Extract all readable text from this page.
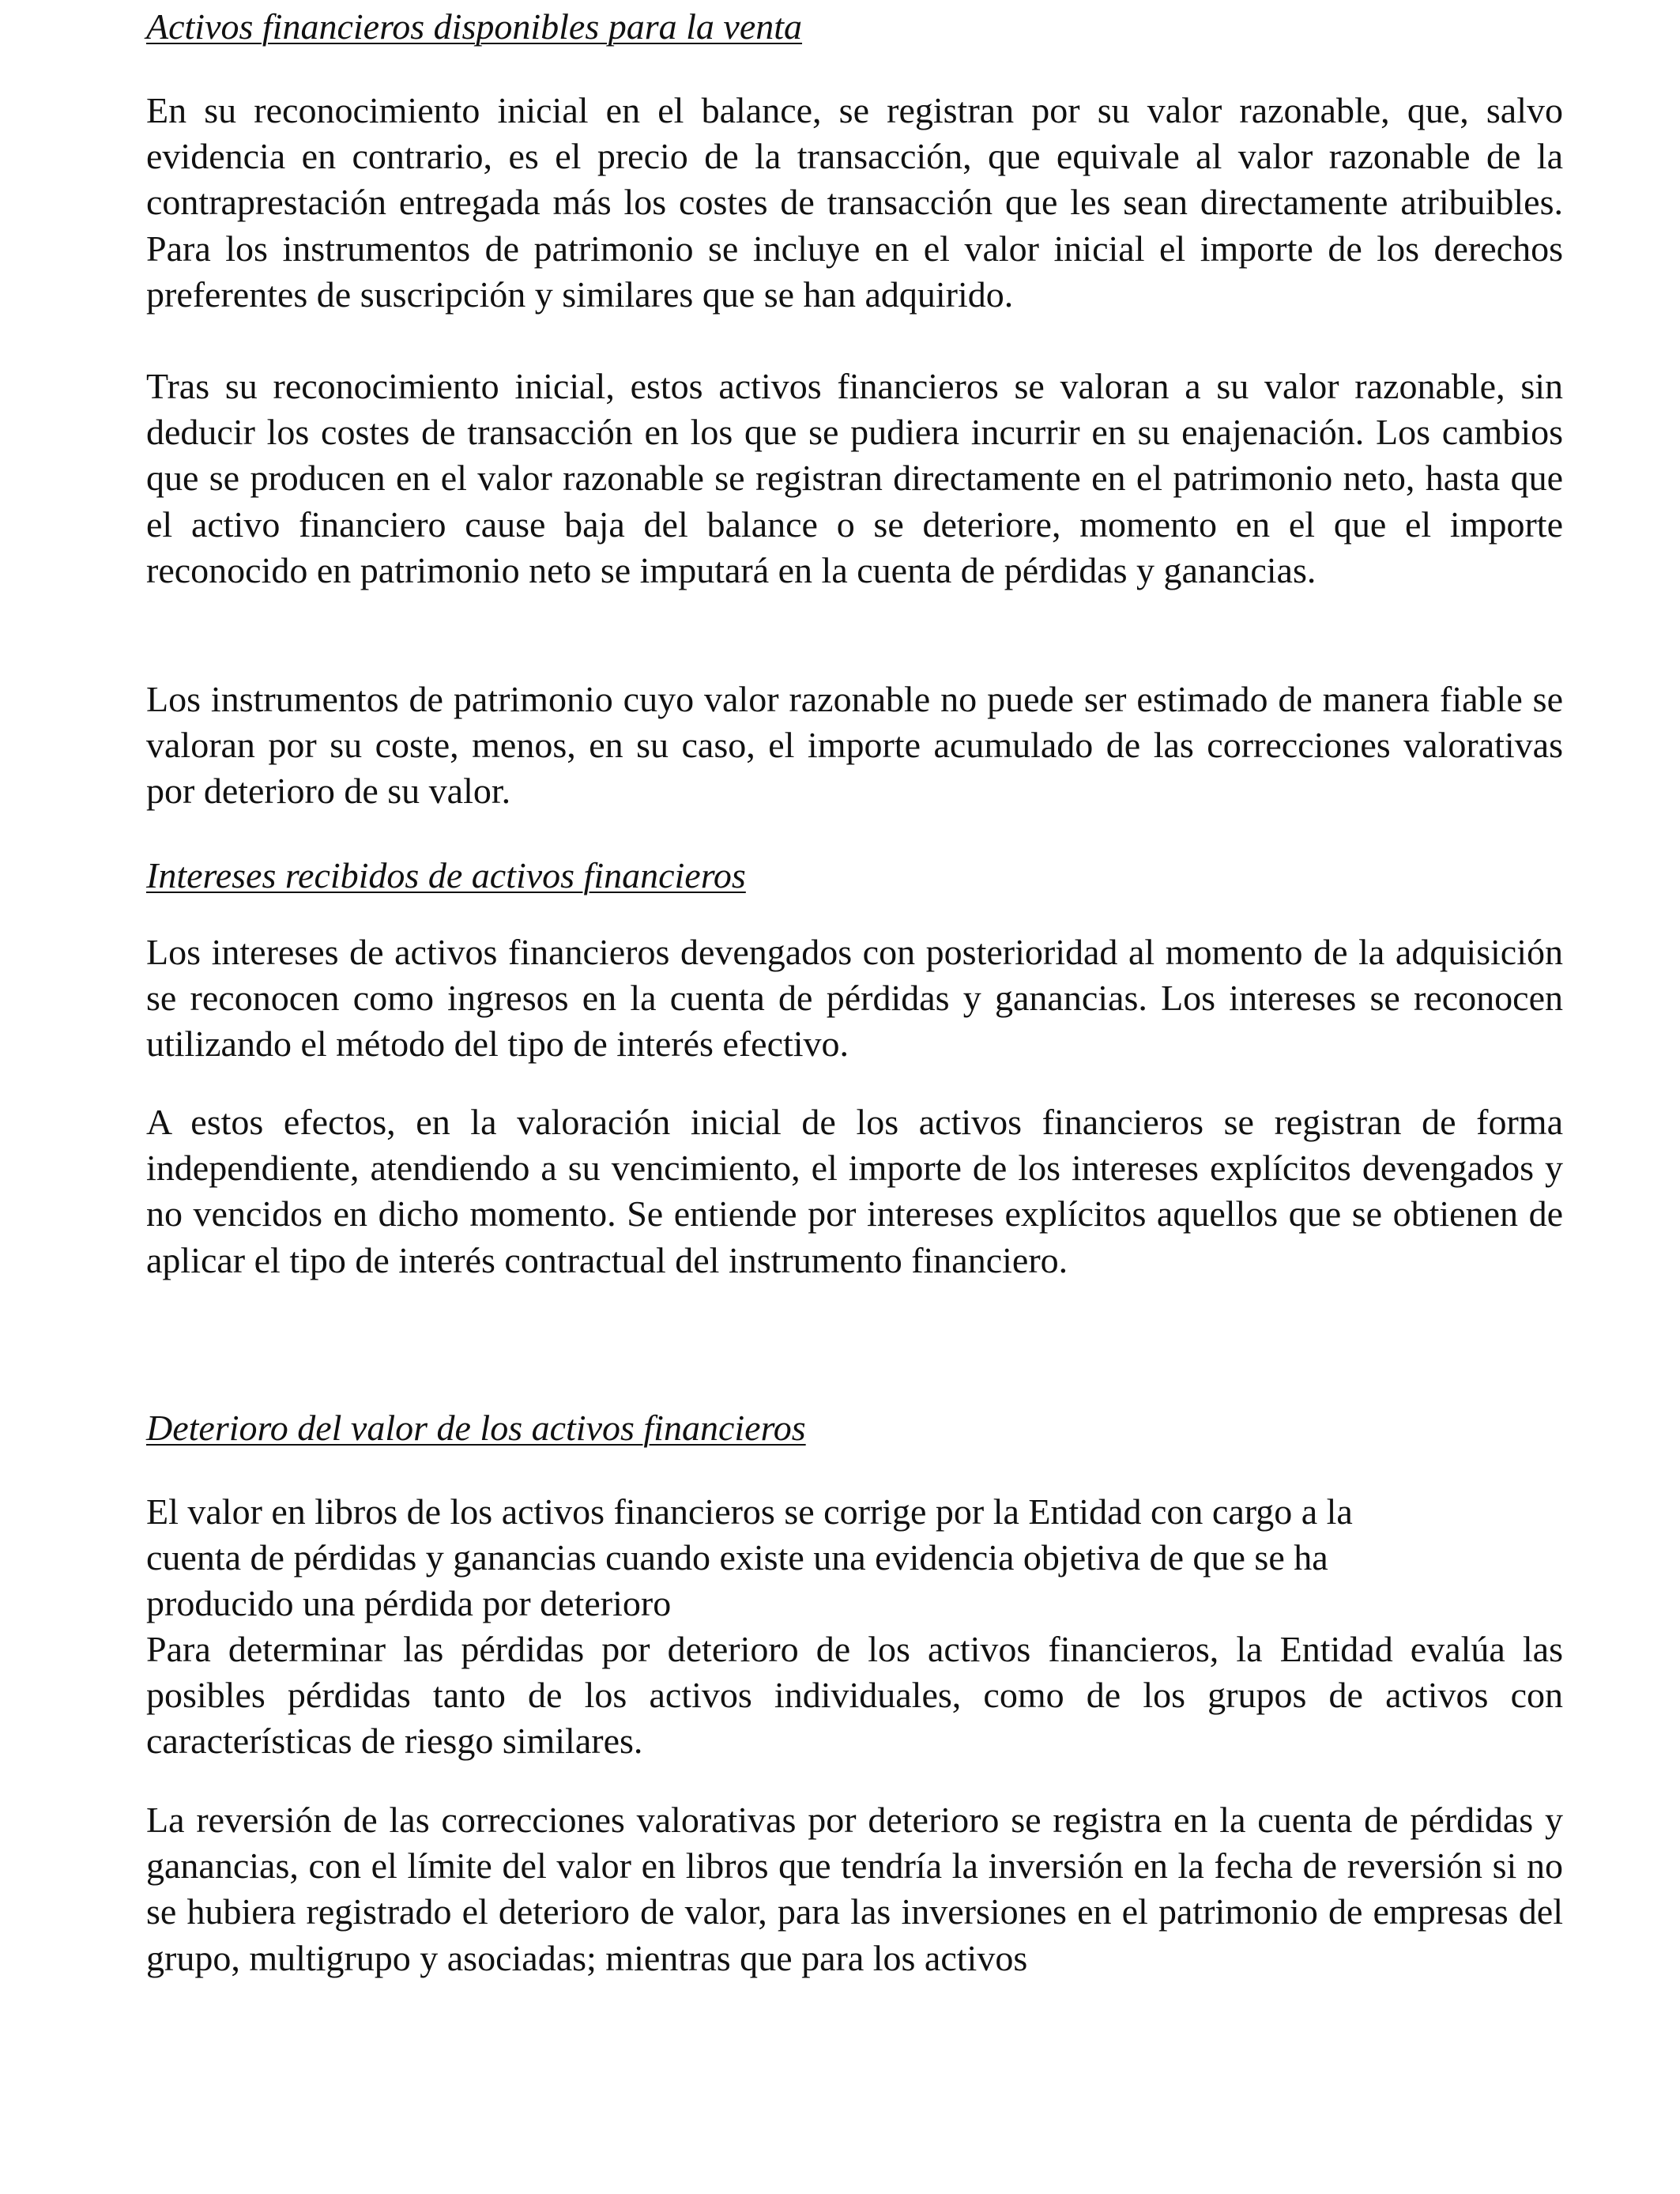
Activos financieros disponibles para la venta

En su reconocimiento inicial en el balance, se registran por su valor razonable, que, salvo evidencia en contrario, es el precio de la transacción, que equivale al valor razonable de la contraprestación entregada más los costes de transacción que les sean directamente atribuibles. Para los instrumentos de patrimonio se incluye en el valor inicial el importe de los derechos preferentes de suscripción y similares que se han adquirido.

Tras su reconocimiento inicial, estos activos financieros se valoran a su valor razonable, sin deducir los costes de transacción en los que se pudiera incurrir en su enajenación. Los cambios que se producen en el valor razonable se registran directamente en el patrimonio neto, hasta que el activo financiero cause baja del balance o se deteriore, momento en el que el importe reconocido en patrimonio neto se imputará en la cuenta de pérdidas y ganancias.

Los instrumentos de patrimonio cuyo valor razonable no puede ser estimado de manera fiable se valoran por su coste, menos, en su caso, el importe acumulado de las correcciones valorativas por deterioro de su valor.

Intereses recibidos de activos financieros

Los intereses de activos financieros devengados con posterioridad al momento de la adquisición se reconocen como ingresos en la cuenta de pérdidas y ganancias. Los intereses se reconocen utilizando el método del tipo de interés efectivo.

A estos efectos, en la valoración inicial de los activos financieros se registran de forma independiente, atendiendo a su vencimiento, el importe de los intereses explícitos devengados y no vencidos en dicho momento. Se entiende por intereses explícitos aquellos que se obtienen de aplicar el tipo de interés contractual del instrumento financiero.

Deterioro del valor de los activos financieros

El valor en libros de los activos financieros se corrige por la Entidad con cargo a la
cuenta de pérdidas y ganancias cuando existe una evidencia objetiva de que se ha
producido una pérdida por deterioro

Para determinar las pérdidas por deterioro de los activos financieros, la Entidad evalúa las posibles pérdidas tanto de los activos individuales, como de los grupos de activos con características de riesgo similares.

La reversión de las correcciones valorativas por deterioro se registra en la cuenta de pérdidas y ganancias, con el límite del valor en libros que tendría la inversión en la fecha de reversión si no se hubiera registrado el deterioro de valor, para las inversiones en el patrimonio de empresas del grupo, multigrupo y asociadas; mientras que para los activos
